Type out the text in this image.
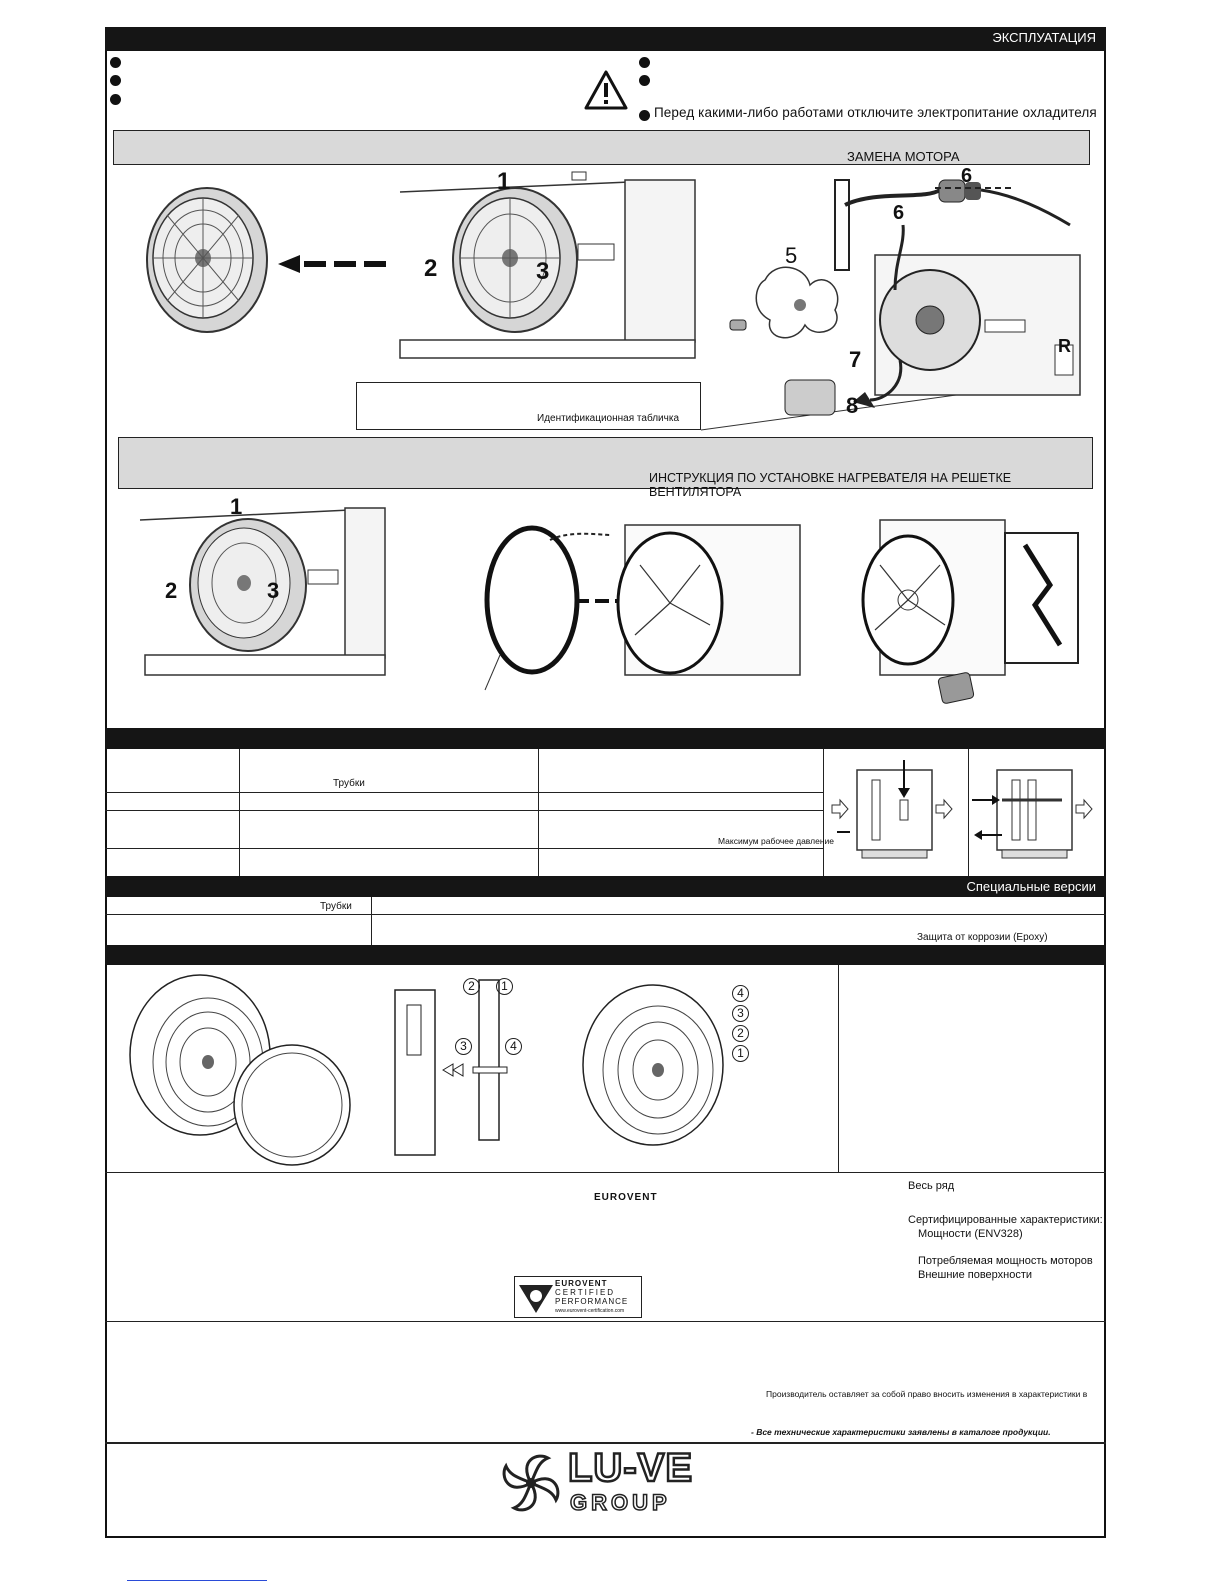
ЭКСПЛУАТАЦИЯ
Перед какими-либо работами отключите электропитание охладителя
ЗАМЕНА МОТОРА
1
2	3
Идентификационная табличка
5
6
6
7
8
R
ИНСТРУКЦИЯ ПО УСТАНОВКЕ НАГРЕВАТЕЛЯ НА РЕШЕТКЕ ВЕНТИЛЯТОРА
1
2	3
Трубки
Максимум рабочее давление
Специальные версии
Трубки
Защита от коррозии (Epoxy)
2	1
3	4
4
3
2
1
EUROVENT
EUROVENT
CERTIFIED
PERFORMANCE
www.eurovent-certification.com
Весь ряд
Сертифицированные характеристики:
Мощности (ENV328)
Потребляемая мощность моторов
Внешние поверхности
Производитель оставляет за собой право вносить изменения в характеристики в
- Все технические характеристики заявлены в каталоге продукции.
LU-VE
GROUP
